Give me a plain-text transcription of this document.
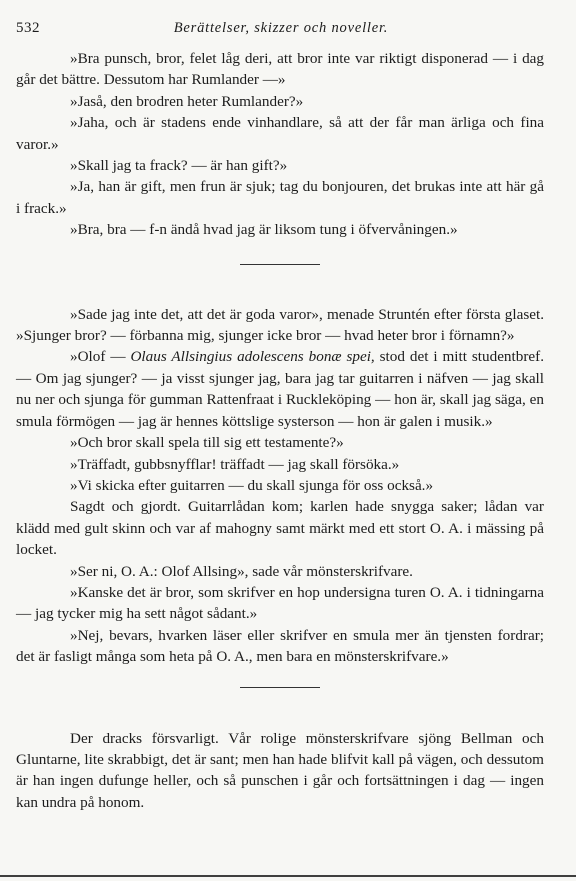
532	Berättelser, skizzer och noveller.

»Bra punsch, bror, felet låg deri, att bror inte var riktigt disponerad — i dag går det bättre. Dessutom har Rumlander —»

»Jaså, den brodren heter Rumlander?»

»Jaha, och är stadens ende vinhandlare, så att der får man ärliga och fina varor.»

»Skall jag ta frack? — är han gift?»

»Ja, han är gift, men frun är sjuk; tag du bonjouren, det brukas inte att här gå i frack.»

»Bra, bra — f-n ändå hvad jag är liksom tung i öfvervåningen.»

»Sade jag inte det, att det är goda varor», menade Struntén efter första glaset. »Sjunger bror? — förbanna mig, sjunger icke bror — hvad heter bror i förnamn?»

»Olof — Olaus Allsingius adolescens bonæ spei, stod det i mitt studentbref. — Om jag sjunger? — ja visst sjunger jag, bara jag tar guitarren i näfven — jag skall nu ner och sjunga för gumman Rattenfraat i Ruckleköping — hon är, skall jag säga, en smula förmögen — jag är hennes köttslige systerson — hon är galen i musik.»

»Och bror skall spela till sig ett testamente?»

»Träffadt, gubbsnyfflar! träffadt — jag skall försöka.»

»Vi skicka efter guitarren — du skall sjunga för oss också.»

Sagdt och gjordt. Guitarrlådan kom; karlen hade snygga saker; lådan var klädd med gult skinn och var af mahogny samt märkt med ett stort O. A. i mässing på locket.

»Ser ni, O. A.: Olof Allsing», sade vår mönsterskrifvare.

»Kanske det är bror, som skrifver en hop undersigna turen O. A. i tidningarna — jag tycker mig ha sett något sådant.»

»Nej, bevars, hvarken läser eller skrifver en smula mer än tjensten fordrar; det är fasligt många som heta på O. A., men bara en mönsterskrifvare.»

Der dracks försvarligt. Vår rolige mönsterskrifvare sjöng Bellman och Gluntarne, lite skrabbigt, det är sant; men han hade blifvit kall på vägen, och dessutom är han ingen dufunge heller, och så punschen i går och fortsättningen i dag — ingen kan undra på honom.
